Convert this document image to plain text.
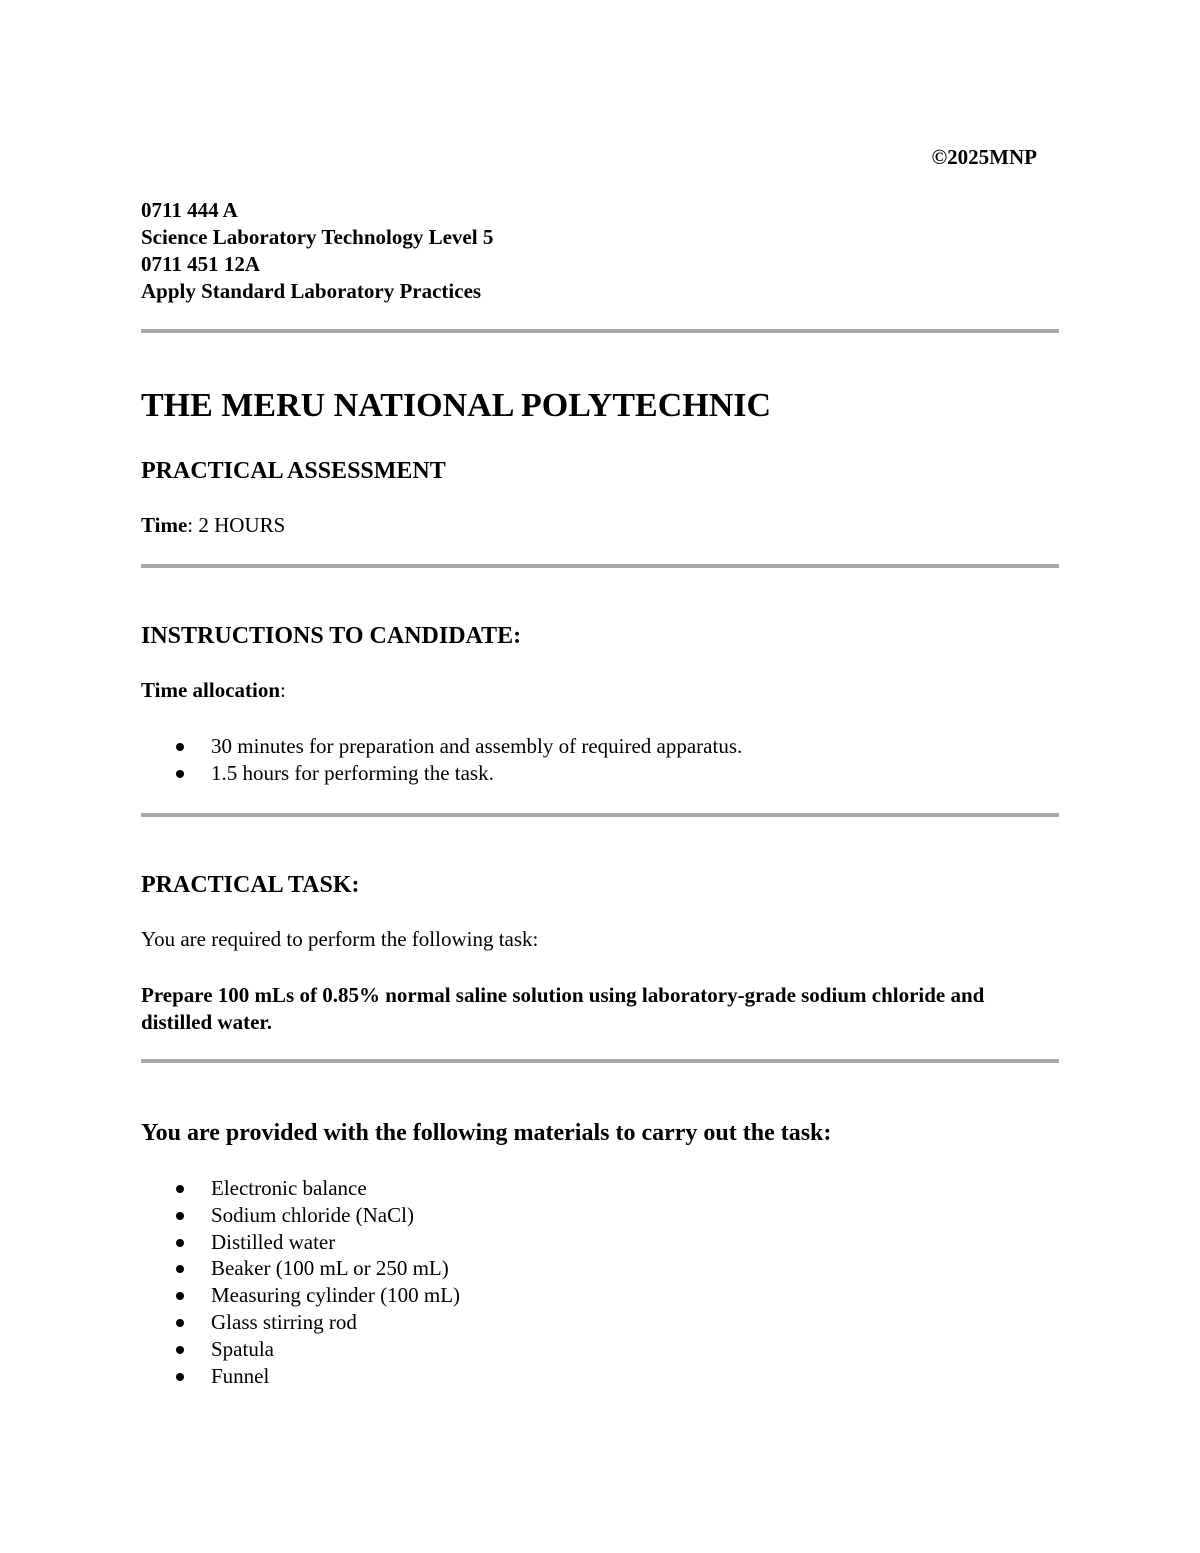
©2025MNP
0711 444 A
Science Laboratory Technology Level 5
0711 451 12A
Apply Standard Laboratory Practices
THE MERU NATIONAL POLYTECHNIC
PRACTICAL ASSESSMENT
Time: 2 HOURS
INSTRUCTIONS TO CANDIDATE:
Time allocation:
30 minutes for preparation and assembly of required apparatus.
1.5 hours for performing the task.
PRACTICAL TASK:
You are required to perform the following task:
Prepare 100 mLs of 0.85% normal saline solution using laboratory-grade sodium chloride and distilled water.
You are provided with the following materials to carry out the task:
Electronic balance
Sodium chloride (NaCl)
Distilled water
Beaker (100 mL or 250 mL)
Measuring cylinder (100 mL)
Glass stirring rod
Spatula
Funnel
